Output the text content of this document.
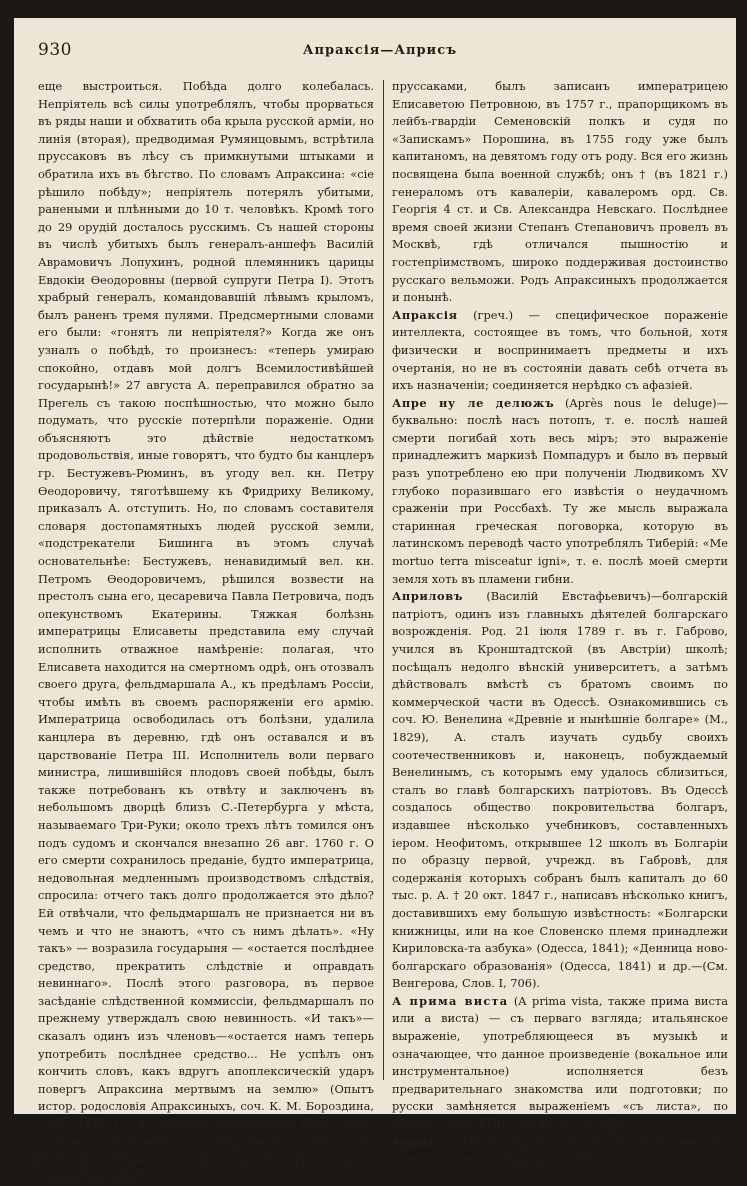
930	Апраксія—Априсъ

еще выстроиться. Побѣда долго колебалась. Непріятель всѣ силы употреблялъ, чтобы прорваться въ ряды наши и обхватить оба крыла русской арміи, но линія (вторая), предводимая Румянцовымъ, встрѣтила пруссаковъ въ лѣсу съ примкнутыми штыками и обратила ихъ въ бѣгство. По словамъ Апраксина: «сіе рѣшило побѣду»; непріятель потерялъ убитыми, ранеными и плѣнными до 10 т. человѣкъ. Кромѣ того до 29 орудій досталось русскимъ. Съ нашей стороны въ числѣ убитыхъ былъ генералъ-аншефъ Василій Аврамовичъ Лопухинъ, родной племянникъ царицы Евдокіи Ѳеодоровны (первой супруги Петра I). Этотъ храбрый генералъ, командовавшій лѣвымъ крыломъ, былъ раненъ тремя пулями. Предсмертными словами его были: «гонятъ ли непріятеля?» Когда же онъ узналъ о побѣдѣ, то произнесъ: «теперь умираю спокойно, отдавъ мой долгъ Всемилостивѣйшей государынѣ!» 27 августа А. переправился обратно за Прегель съ такою поспѣшностью, что можно было подумать, что русскіе потерпѣли пораженіе. Одни объясняютъ это дѣйствіе недостаткомъ продовольствія, иные говорятъ, что будто бы канцлеръ гр. Бестужевъ-Рюминъ, въ угоду вел. кн. Петру Ѳеодоровичу, тяготѣвшему къ Фридриху Великому, приказалъ А. отступить. Но, по словамъ составителя словаря достопамятныхъ людей русской земли, «подстрекатели Бишинга въ этомъ случаѣ основательнѣе: Бестужевъ, ненавидимый вел. кн. Петромъ Ѳеодоровичемъ, рѣшился возвести на престолъ сына его, цесаревича Павла Петровича, подъ опекунствомъ Екатерины. Тяжкая болѣзнь императрицы Елисаветы представила ему случай исполнить отважное намѣреніе: полагая, что Елисавета находится на смертномъ одрѣ, онъ отозвалъ своего друга, фельдмаршала А., къ предѣламъ Россіи, чтобы имѣть въ своемъ распоряженіи его армію. Императрица освободилась отъ болѣзни, удалила канцлера въ деревню, гдѣ онъ оставался и въ царствованіе Петра III. Исполнитель воли перваго министра, лишившійся плодовъ своей побѣды, былъ также потребованъ къ отвѣту и заключенъ въ небольшомъ дворцѣ близъ С.-Петербурга у мѣста, называемаго Три-Руки; около трехъ лѣтъ томился онъ подъ судомъ и скончался внезапно 26 авг. 1760 г. О его смерти сохранилось преданіе, будто императрица, недовольная медленнымъ производствомъ слѣдствія, спросила: отчего такъ долго продолжается это дѣло? Ей отвѣчали, что фельдмаршалъ не признается ни въ чемъ и что не знаютъ, «что съ нимъ дѣлать». «Ну такъ» — возразила государыня — «остается послѣднее средство, прекратить слѣдствіе и оправдать невиннаго». Послѣ этого разговора, въ первое засѣданіе слѣдственной коммиссіи, фельдмаршалъ по прежнему утверждалъ свою невинность. «И такъ»—сказалъ одинъ изъ членовъ—«остается намъ теперь употребить послѣднее средство... Не успѣлъ онъ кончить словъ, какъ вдругъ апоплексическій ударъ повергъ Апраксина мертвымъ на землю» (Опытъ истор. родословія Апраксиныхъ, соч. К. М. Бороздина, Спб., 1841 г.). У Степана Ѳеодоровича былъ сынъ, Степанъ Степановичъ, который еще въ колыбели, по случаю побѣды своего родителя при Гросъ-Эгерсдорфѣ надъ

пруссаками, былъ записанъ императрицею Елисаветою Петровною, въ 1757 г., прапорщикомъ въ лейбъ-гвардіи Семеновскій полкъ и судя по «Запискамъ» Порошина, въ 1755 году уже былъ капитаномъ, на девятомъ году отъ роду. Вся его жизнь посвящена была военной службѣ; онъ † (въ 1821 г.) генераломъ отъ кавалеріи, кавалеромъ орд. Св. Георгія 4 ст. и Св. Александра Невскаго. Послѣднее время своей жизни Степанъ Степановичъ провелъ въ Москвѣ, гдѣ отличался пышностію и гостепріимствомъ, широко поддерживая достоинство русскаго вельможи. Родъ Апраксиныхъ продолжается и понынѣ.

Апраксія (греч.) — специфическое пораженіе интеллекта, состоящее въ томъ, что больной, хотя физически и воспринимаетъ предметы и ихъ очертанія, но не въ состояніи давать себѣ отчета въ ихъ назначеніи; соединяется нерѣдко съ афазіей.

Апре ну ле делюжъ (Après nous le deluge)—буквально: послѣ насъ потопъ, т. е. послѣ нашей смерти погибай хоть весь міръ; это выраженіе принадлежитъ маркизѣ Помпадуръ и было въ первый разъ употреблено ею при полученіи Людвикомъ XV глубоко поразившаго его извѣстія о неудачномъ сраженіи при Россбахѣ. Ту же мысль выражала старинная греческая поговорка, которую въ латинскомъ переводѣ часто употреблялъ Тиберій: «Me mortuo terra misceatur igni», т. е. послѣ моей смерти земля хоть въ пламени гибни.

Априловъ (Василій Евстафьевичъ)—болгарскій патріотъ, одинъ изъ главныхъ дѣятелей болгарскаго возрожденія. Род. 21 іюля 1789 г. въ г. Габрово, учился въ Кронштадтской (въ Австріи) школѣ; посѣщалъ недолго вѣнскій университетъ, а затѣмъ дѣйствовалъ вмѣстѣ съ братомъ своимъ по коммерческой части въ Одессѣ. Ознакомившись съ соч. Ю. Венелина «Древніе и нынѣшніе болгаре» (М., 1829), А. сталъ изучать судьбу своихъ соотечественниковъ и, наконецъ, побуждаемый Венелинымъ, съ которымъ ему удалось сблизиться, сталъ во главѣ болгарскихъ патріотовъ. Въ Одессѣ создалось общество покровительства болгаръ, издавшее нѣсколько учебниковъ, составленныхъ іером. Неофитомъ, открывшее 12 школъ въ Болгаріи по образцу первой, учрежд. въ Габровѣ, для содержанія которыхъ собранъ былъ капиталъ до 60 тыс. р. А. † 20 окт. 1847 г., написавъ нѣсколько книгъ, доставившихъ ему большую извѣстность: «Болгарски книжницы, или на кое Словенско племя принадлежи Кириловска-та азбука» (Одесса, 1841); «Денница ново-болгарскаго образованія» (Одесса, 1841) и др.—(См. Венгерова, Слов. I, 706).

А прима виста (A prima vista, также прима виста или а виста) — съ перваго взгляда; итальянское выраженіе, употребляющееся въ музыкѣ и означающее, что данное произведеніе (вокальное или инструментальное) исполняется безъ предварительнаго знакомства или подготовки; по русски замѣняется выраженіемъ «съ листа», по нѣмецк. «vom Blatt», по англ. «at sight».

Априсъ—египетскій царь 26-ой саисской династіи, сынъ Псамметиха II, царств. 589—
